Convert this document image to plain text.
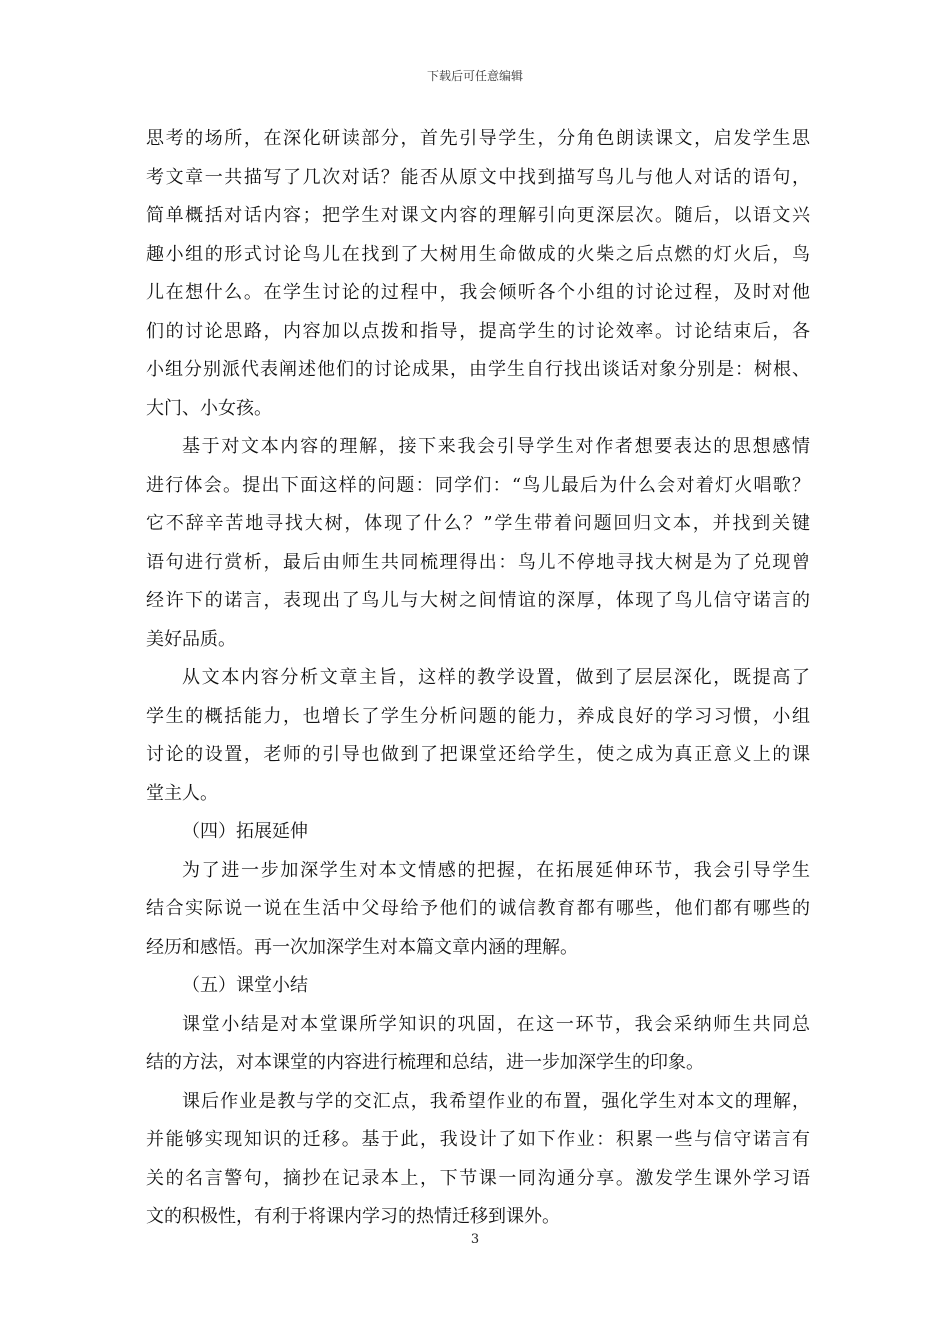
下载后可任意编辑
思考的场所，在深化研读部分，首先引导学生，分角色朗读课文，启发学生思
考文章一共描写了几次对话？能否从原文中找到描写鸟儿与他人对话的语句，
简单概括对话内容；把学生对课文内容的理解引向更深层次。随后，以语文兴
趣小组的形式讨论鸟儿在找到了大树用生命做成的火柴之后点燃的灯火后，鸟
儿在想什么。在学生讨论的过程中，我会倾听各个小组的讨论过程，及时对他
们的讨论思路，内容加以点拨和指导，提高学生的讨论效率。讨论结束后，各
小组分别派代表阐述他们的讨论成果，由学生自行找出谈话对象分别是：树根、
大门、小女孩。
基于对文本内容的理解，接下来我会引导学生对作者想要表达的思想感情
进行体会。提出下面这样的问题：同学们：“鸟儿最后为什么会对着灯火唱歌？
它不辞辛苦地寻找大树，体现了什么？”学生带着问题回归文本，并找到关键
语句进行赏析，最后由师生共同梳理得出：鸟儿不停地寻找大树是为了兑现曾
经许下的诺言，表现出了鸟儿与大树之间情谊的深厚，体现了鸟儿信守诺言的
美好品质。
从文本内容分析文章主旨，这样的教学设置，做到了层层深化，既提高了
学生的概括能力，也增长了学生分析问题的能力，养成良好的学习习惯，小组
讨论的设置，老师的引导也做到了把课堂还给学生，使之成为真正意义上的课
堂主人。
（四）拓展延伸
为了进一步加深学生对本文情感的把握，在拓展延伸环节，我会引导学生
结合实际说一说在生活中父母给予他们的诚信教育都有哪些，他们都有哪些的
经历和感悟。再一次加深学生对本篇文章内涵的理解。
（五）课堂小结
课堂小结是对本堂课所学知识的巩固，在这一环节，我会采纳师生共同总
结的方法，对本课堂的内容进行梳理和总结，进一步加深学生的印象。
课后作业是教与学的交汇点，我希望作业的布置，强化学生对本文的理解，
并能够实现知识的迁移。基于此，我设计了如下作业：积累一些与信守诺言有
关的名言警句，摘抄在记录本上，下节课一同沟通分享。激发学生课外学习语
文的积极性，有利于将课内学习的热情迁移到课外。
3
